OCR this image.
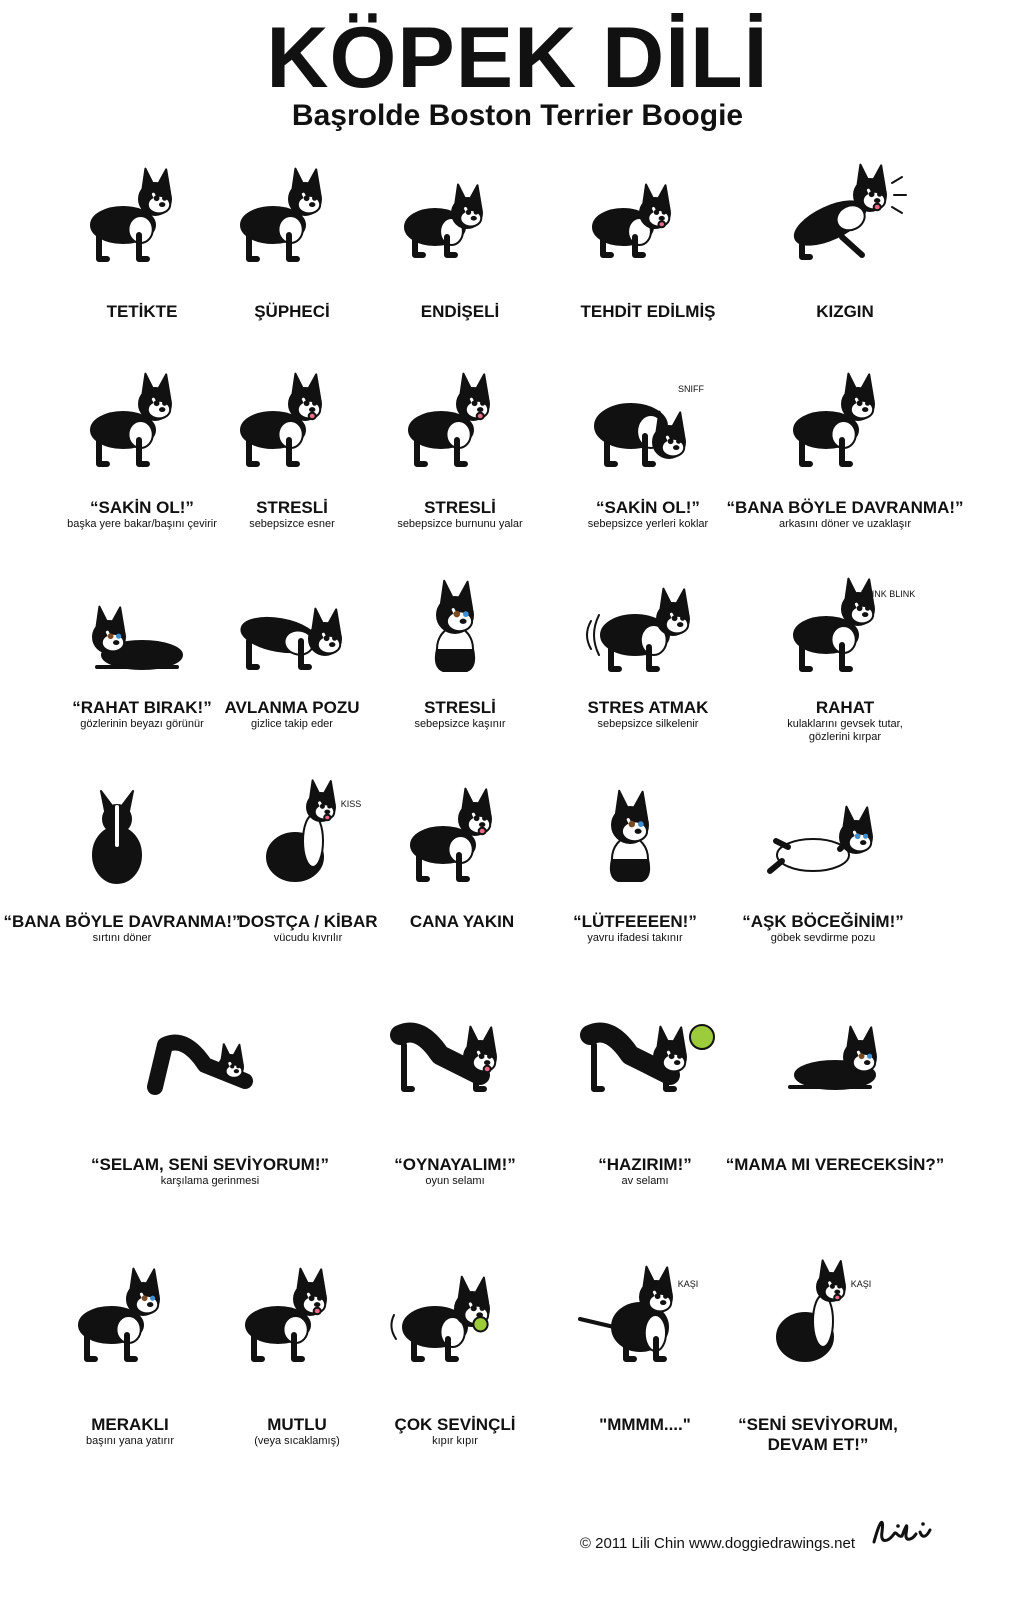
KÖPEK DİLİ
Başrolde Boston Terrier Boogie
TETİKTE	ŞÜPHECİ	ENDİŞELİ	TEHDİT EDİLMİŞ	KIZGIN
“SAKİN OL!”
başka yere bakar/başını çevirir
STRESLİ
sebepsizce esner
STRESLİ
sebepsizce burnunu yalar
SNIFF
“SAKİN OL!”
sebepsizce yerleri koklar
“BANA BÖYLE DAVRANMA!”
arkasını döner ve uzaklaşır
“RAHAT BIRAK!”
gözlerinin beyazı görünür
AVLANMA POZU
gizlice takip eder
STRESLİ
sebepsizce kaşınır
STRES ATMAK
sebepsizce silkelenir
BLINK BLINK
RAHAT
kulaklarını gevsek tutar,
gözlerini kırpar
“BANA BÖYLE DAVRANMA!”
sırtını döner
KISS
DOSTÇA / KİBAR
vücudu kıvrılır
CANA YAKIN	“LÜTFEEEEN!”
yavru ifadesi takınır
“AŞK BÖCEĞİNİM!”
göbek sevdirme pozu
“SELAM, SENİ SEVİYORUM!”
karşılama gerinmesi
“OYNAYALIM!”
oyun selamı
“HAZIRIM!”
av selamı
“MAMA MI VERECEKSİN?”
MERAKLI
başını yana yatırır
MUTLU
(veya sıcaklamış)
ÇOK SEVİNÇLİ
kıpır kıpır
KAŞI
"MMMM...."
KAŞI
“SENİ SEVİYORUM,
DEVAM ET!”
© 2011 Lili Chin www.doggiedrawings.net
